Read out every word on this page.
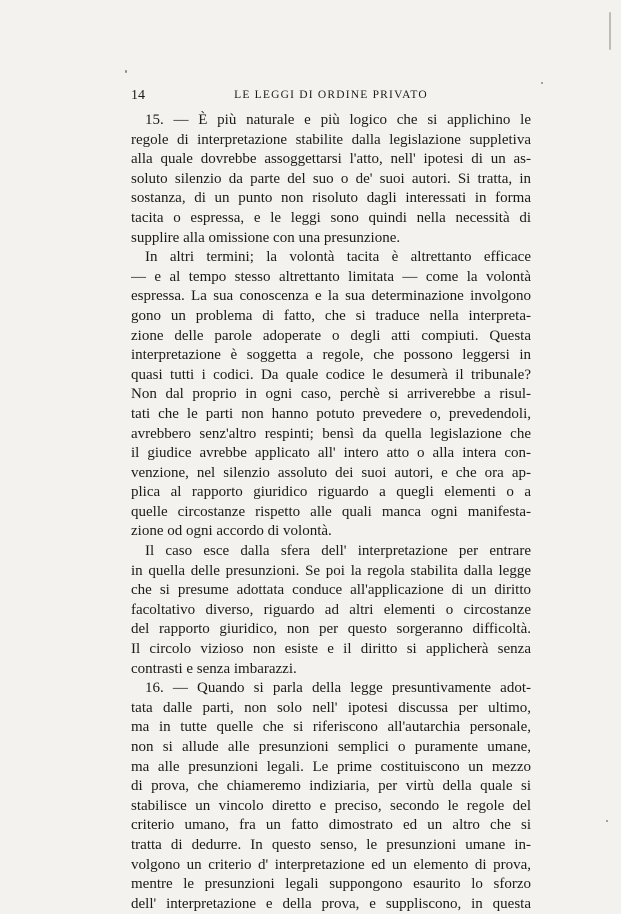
14	LE LEGGI DI ORDINE PRIVATO
15. — È più naturale e più logico che si applichino le
regole di interpretazione stabilite dalla legislazione suppletiva
alla quale dovrebbe assoggettarsi l'atto, nell' ipotesi di un as-
soluto silenzio da parte del suo o de' suoi autori. Si tratta, in
sostanza, di un punto non risoluto dagli interessati in forma
tacita o espressa, e le leggi sono quindi nella necessità di
supplire alla omissione con una presunzione.
In altri termini; la volontà tacita è altrettanto efficace
— e al tempo stesso altrettanto limitata — come la volontà
espressa. La sua conoscenza e la sua determinazione involgono
gono un problema di fatto, che si traduce nella interpreta-
zione delle parole adoperate o degli atti compiuti. Questa
interpretazione è soggetta a regole, che possono leggersi in
quasi tutti i codici. Da quale codice le desumerà il tribunale?
Non dal proprio in ogni caso, perchè si arriverebbe a risul-
tati che le parti non hanno potuto prevedere o, prevedendoli,
avrebbero senz'altro respinti; bensì da quella legislazione che
il giudice avrebbe applicato all' intero atto o alla intera con-
venzione, nel silenzio assoluto dei suoi autori, e che ora ap-
plica al rapporto giuridico riguardo a quegli elementi o a
quelle circostanze rispetto alle quali manca ogni manifesta-
zione od ogni accordo di volontà.
Il caso esce dalla sfera dell' interpretazione per entrare
in quella delle presunzioni. Se poi la regola stabilita dalla legge
che si presume adottata conduce all'applicazione di un diritto
facoltativo diverso, riguardo ad altri elementi o circostanze
del rapporto giuridico, non per questo sorgeranno difficoltà.
Il circolo vizioso non esiste e il diritto si applicherà senza
contrasti e senza imbarazzi.
16. — Quando si parla della legge presuntivamente adot-
tata dalle parti, non solo nell' ipotesi discussa per ultimo,
ma in tutte quelle che si riferiscono all'autarchia personale,
non si allude alle presunzioni semplici o puramente umane,
ma alle presunzioni legali. Le prime costituiscono un mezzo
di prova, che chiameremo indiziaria, per virtù della quale si
stabilisce un vincolo diretto e preciso, secondo le regole del
criterio umano, fra un fatto dimostrato ed un altro che si
tratta di dedurre. In questo senso, le presunzioni umane in-
volgono un criterio d' interpretazione ed un elemento di prova,
mentre le presunzioni legali suppongono esaurito lo sforzo
dell' interpretazione e della prova, e suppliscono, in questa
